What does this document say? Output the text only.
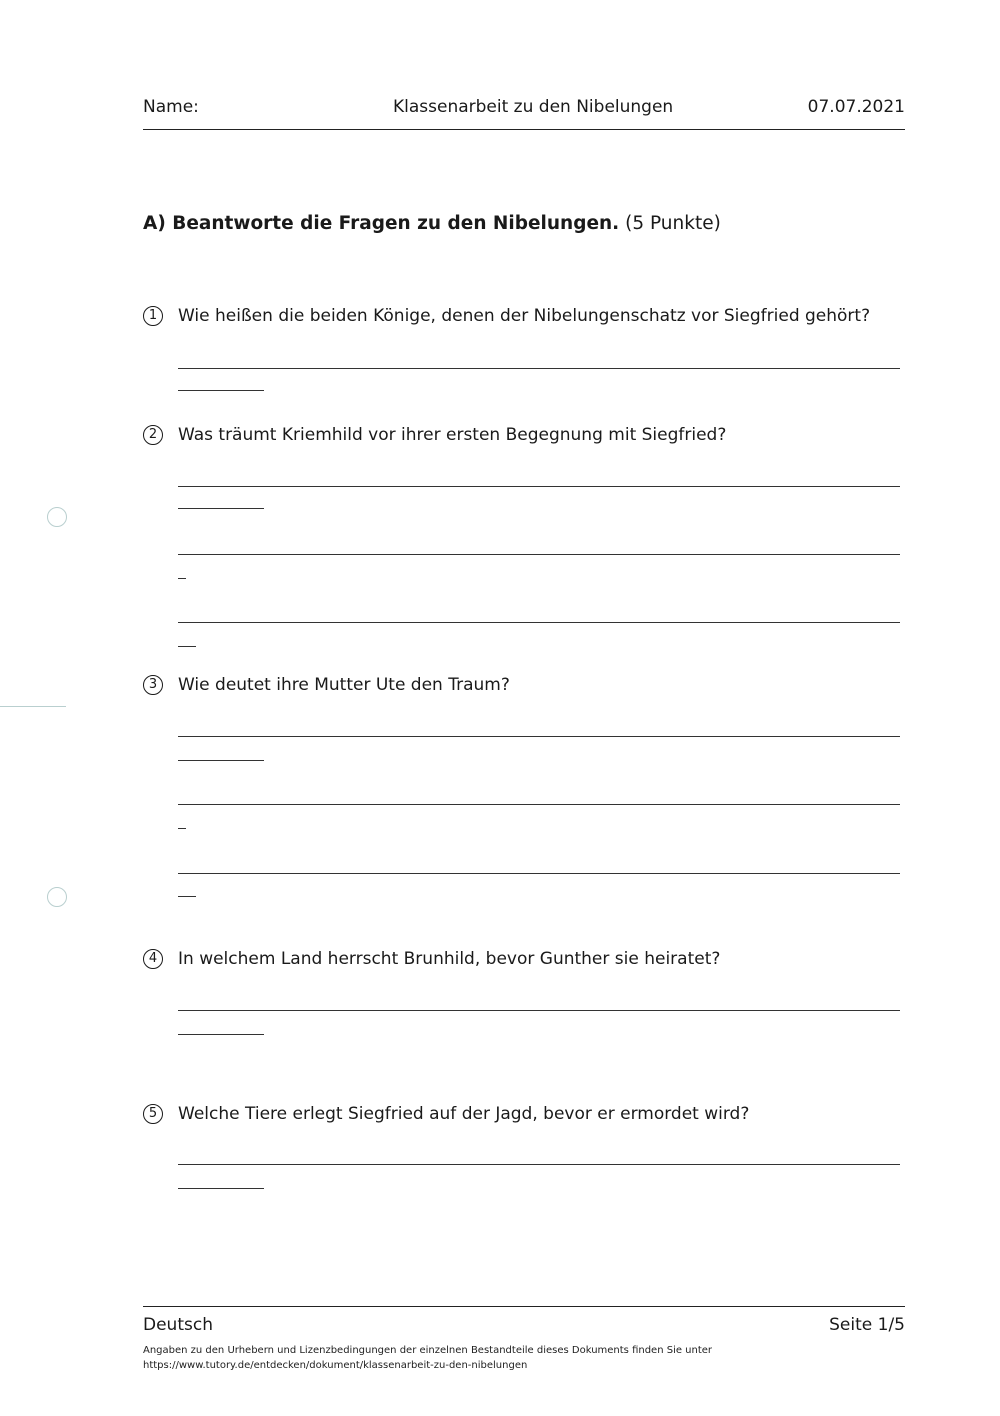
Name:	Klassenarbeit zu den Nibelungen	07.07.2021
A) Beantworte die Fragen zu den Nibelungen. (5 Punkte)
1	Wie heißen die beiden Könige, denen der Nibelungenschatz vor Siegfried gehört?
2	Was träumt Kriemhild vor ihrer ersten Begegnung mit Siegfried?
3	Wie deutet ihre Mutter Ute den Traum?
4	In welchem Land herrscht Brunhild, bevor Gunther sie heiratet?
5	Welche Tiere erlegt Siegfried auf der Jagd, bevor er ermordet wird?
Deutsch	Seite 1/5
Angaben zu den Urhebern und Lizenzbedingungen der einzelnen Bestandteile dieses Dokuments finden Sie unter
https://www.tutory.de/entdecken/dokument/klassenarbeit-zu-den-nibelungen
